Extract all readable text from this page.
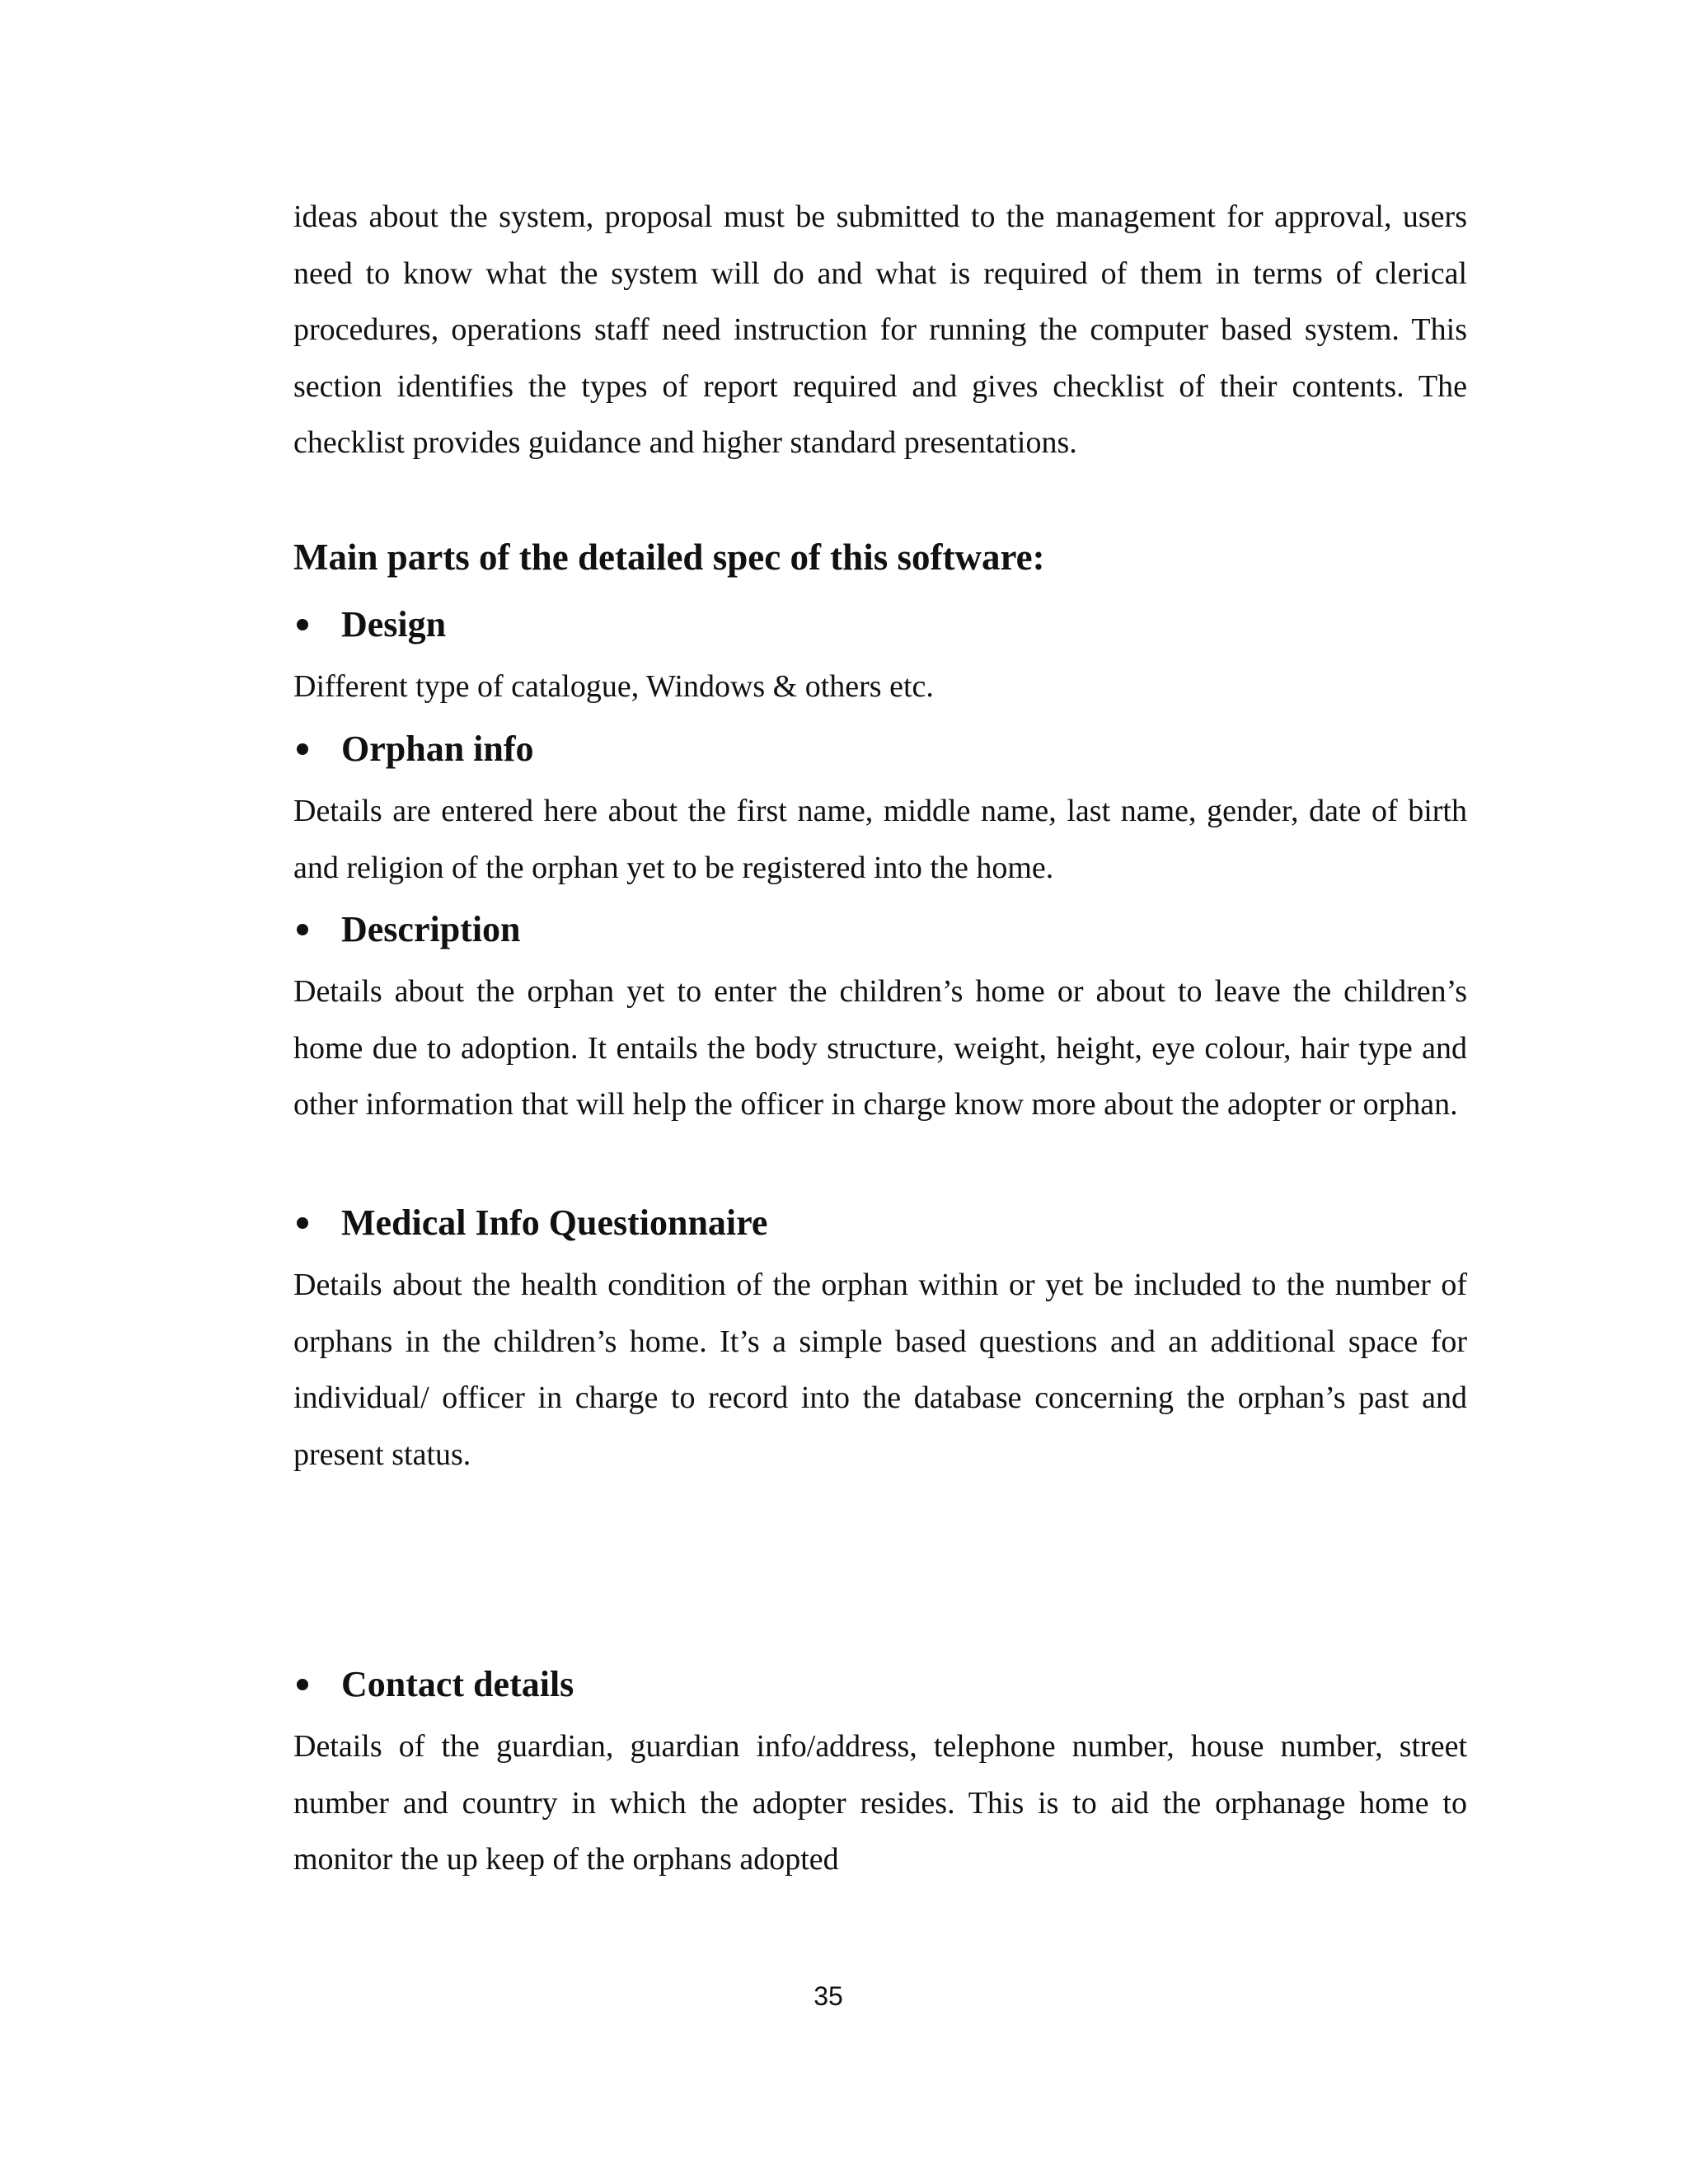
ideas about the system, proposal must be submitted to the management for approval, users need to know what the system will do and what is required of them in terms of clerical procedures, operations staff need instruction for running the computer based system. This section identifies the types of report required and gives checklist of their contents. The checklist provides guidance and higher standard presentations.

Main parts of the detailed spec of this software:
Design

Different type of catalogue, Windows & others etc.

Orphan info

Details are entered here about the first name, middle name, last name, gender, date of birth and religion of the orphan yet to be registered into the home.

Description

Details about the orphan yet to enter the children’s home or about to leave the children’s home due to adoption. It entails the body structure, weight, height, eye colour, hair type and other information that will help the officer in charge know more about the adopter or orphan.

Medical Info Questionnaire

Details about the health condition of the orphan within or yet be included to the number of orphans in the children’s home. It’s a simple based questions and an additional space for individual/ officer in charge to record into the database concerning the orphan’s past and present status.

Contact details

Details of the guardian, guardian info/address, telephone number, house number, street number and country in which the adopter resides. This is to aid the orphanage home to monitor the up keep of the orphans adopted

35
